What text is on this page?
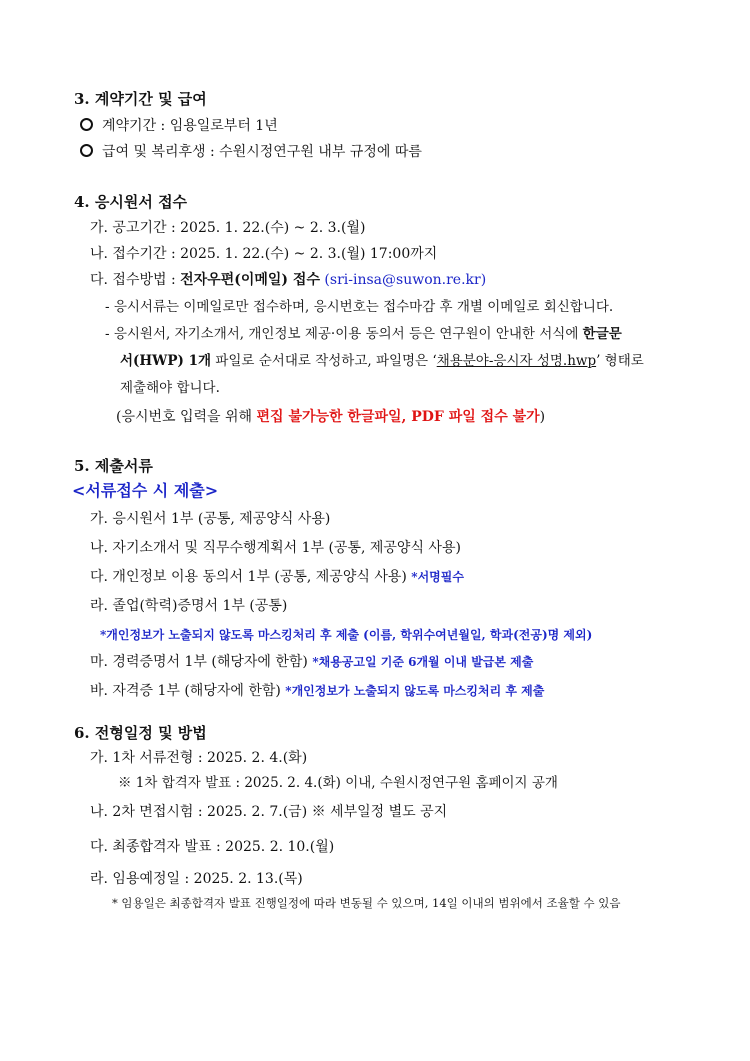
3. 계약기간 및 급여
계약기간 : 임용일로부터 1년
급여 및 복리후생 : 수원시정연구원 내부 규정에 따름
4. 응시원서 접수
가. 공고기간 : 2025. 1. 22.(수) ~ 2. 3.(월)
나. 접수기간 : 2025. 1. 22.(수) ~ 2. 3.(월) 17:00까지
다. 접수방법 : 전자우편(이메일) 접수 (sri-insa@suwon.re.kr)
- 응시서류는 이메일로만 접수하며, 응시번호는 접수마감 후 개별 이메일로 회신합니다.
- 응시원서, 자기소개서, 개인정보 제공·이용 동의서 등은 연구원이 안내한 서식에 한글문
서(HWP) 1개 파일로 순서대로 작성하고, 파일명은 ‘채용분야-응시자 성명.hwp’ 형태로
제출해야 합니다.
(응시번호 입력을 위해 편집 불가능한 한글파일, PDF 파일 접수 불가)
5. 제출서류
<서류접수 시 제출>
가. 응시원서 1부 (공통, 제공양식 사용)
나. 자기소개서 및 직무수행계획서 1부 (공통, 제공양식 사용)
다. 개인정보 이용 동의서 1부 (공통, 제공양식 사용) *서명필수
라. 졸업(학력)증명서 1부 (공통)
*개인정보가 노출되지 않도록 마스킹처리 후 제출 (이름, 학위수여년월일, 학과(전공)명 제외)
마. 경력증명서 1부 (해당자에 한함) *채용공고일 기준 6개월 이내 발급본 제출
바. 자격증 1부 (해당자에 한함) *개인정보가 노출되지 않도록 마스킹처리 후 제출
6. 전형일정 및 방법
가. 1차 서류전형 : 2025. 2. 4.(화)
※ 1차 합격자 발표 : 2025. 2. 4.(화) 이내, 수원시정연구원 홈페이지 공개
나. 2차 면접시험 : 2025. 2. 7.(금) ※ 세부일정 별도 공지
다. 최종합격자 발표 : 2025. 2. 10.(월)
라. 임용예정일 : 2025. 2. 13.(목)
* 임용일은 최종합격자 발표 진행일정에 따라 변동될 수 있으며, 14일 이내의 범위에서 조율할 수 있음
